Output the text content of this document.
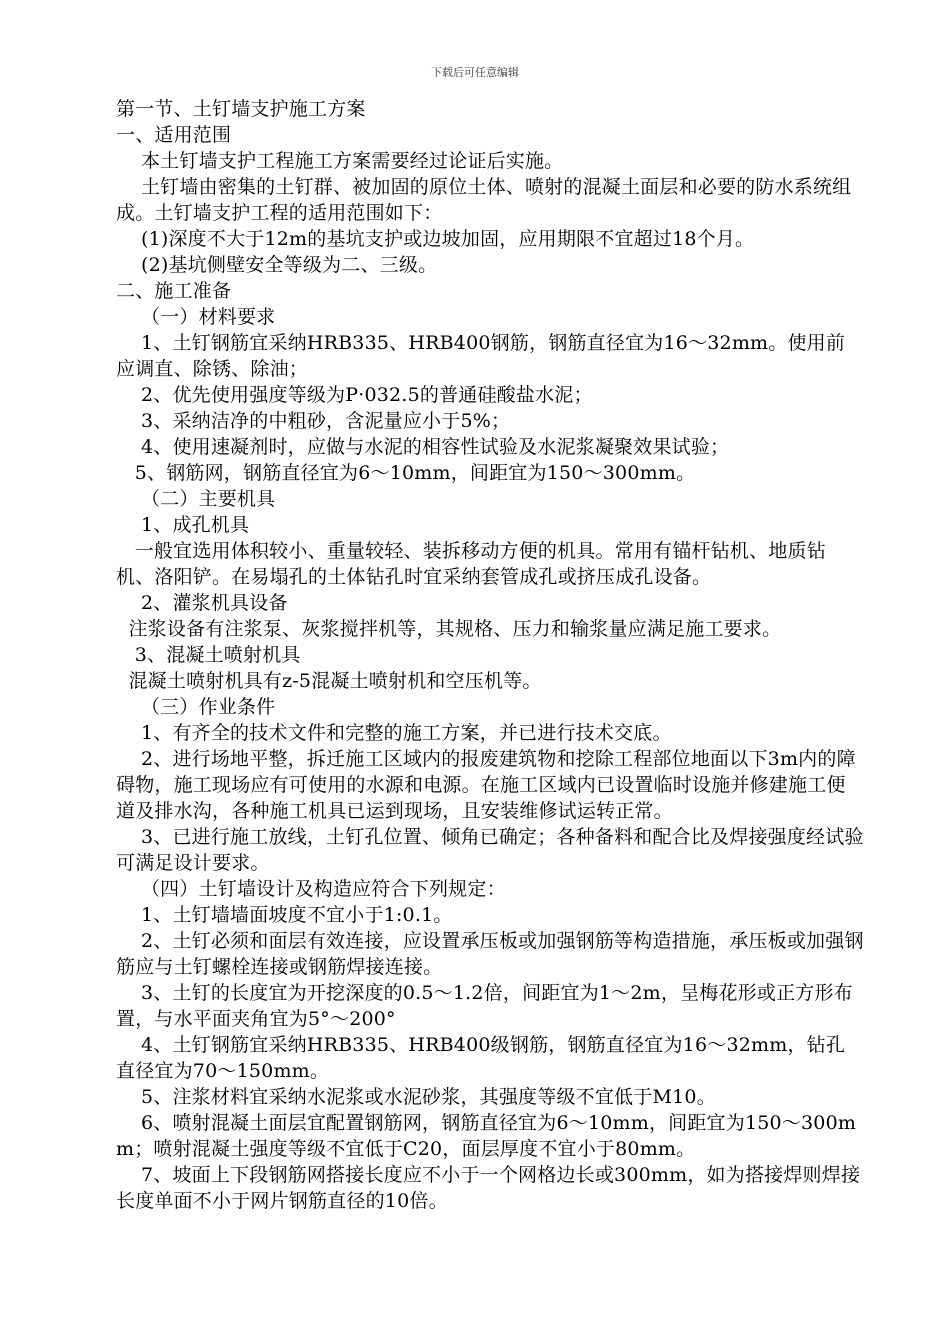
下载后可任意编辑

第一节、土钉墙支护施工方案

一、适用范围

本土钉墙支护工程施工方案需要经过论证后实施。

土钉墙由密集的土钉群、被加固的原位土体、喷射的混凝土面层和必要的防水系统组成。土钉墙支护工程的适用范围如下：

(1)深度不大于12m的基坑支护或边坡加固，应用期限不宜超过18个月。

(2)基坑侧壁安全等级为二、三级。

二、施工准备

（一）材料要求

1、土钉钢筋宜采纳HRB335、HRB400钢筋，钢筋直径宜为16～32mm。使用前应调直、除锈、除油；

2、优先使用强度等级为P·032.5的普通硅酸盐水泥；

3、采纳洁净的中粗砂，含泥量应小于5%；

4、使用速凝剂时，应做与水泥的相容性试验及水泥浆凝聚效果试验；

5、钢筋网，钢筋直径宜为6～10mm，间距宜为150～300mm。

（二）主要机具

1、成孔机具

一般宜选用体积较小、重量较轻、装拆移动方便的机具。常用有锚杆钻机、地质钻机、洛阳铲。在易塌孔的土体钻孔时宜采纳套管成孔或挤压成孔设备。

2、灌浆机具设备

注浆设备有注浆泵、灰浆搅拌机等，其规格、压力和输浆量应满足施工要求。

3、混凝土喷射机具

混凝土喷射机具有z-5混凝土喷射机和空压机等。

（三）作业条件

1、有齐全的技术文件和完整的施工方案，并已进行技术交底。

2、进行场地平整，拆迁施工区域内的报废建筑物和挖除工程部位地面以下3m内的障碍物，施工现场应有可使用的水源和电源。在施工区域内已设置临时设施并修建施工便道及排水沟，各种施工机具已运到现场，且安装维修试运转正常。

3、已进行施工放线，土钉孔位置、倾角已确定；各种备料和配合比及焊接强度经试验可满足设计要求。

（四）土钉墙设计及构造应符合下列规定：

1、土钉墙墙面坡度不宜小于1:0.1。

2、土钉必须和面层有效连接，应设置承压板或加强钢筋等构造措施，承压板或加强钢筋应与土钉螺栓连接或钢筋焊接连接。

3、土钉的长度宜为开挖深度的0.5～1.2倍，间距宜为1～2m，呈梅花形或正方形布置，与水平面夹角宜为5°～200°

4、土钉钢筋宜采纳HRB335、HRB400级钢筋，钢筋直径宜为16～32mm，钻孔直径宜为70～150mm。

5、注浆材料宜采纳水泥浆或水泥砂浆，其强度等级不宜低于M10。

6、喷射混凝土面层宜配置钢筋网，钢筋直径宜为6～10mm，间距宜为150～300mm；喷射混凝土强度等级不宜低于C20，面层厚度不宜小于80mm。

7、坡面上下段钢筋网搭接长度应不小于一个网格边长或300mm，如为搭接焊则焊接长度单面不小于网片钢筋直径的10倍。
